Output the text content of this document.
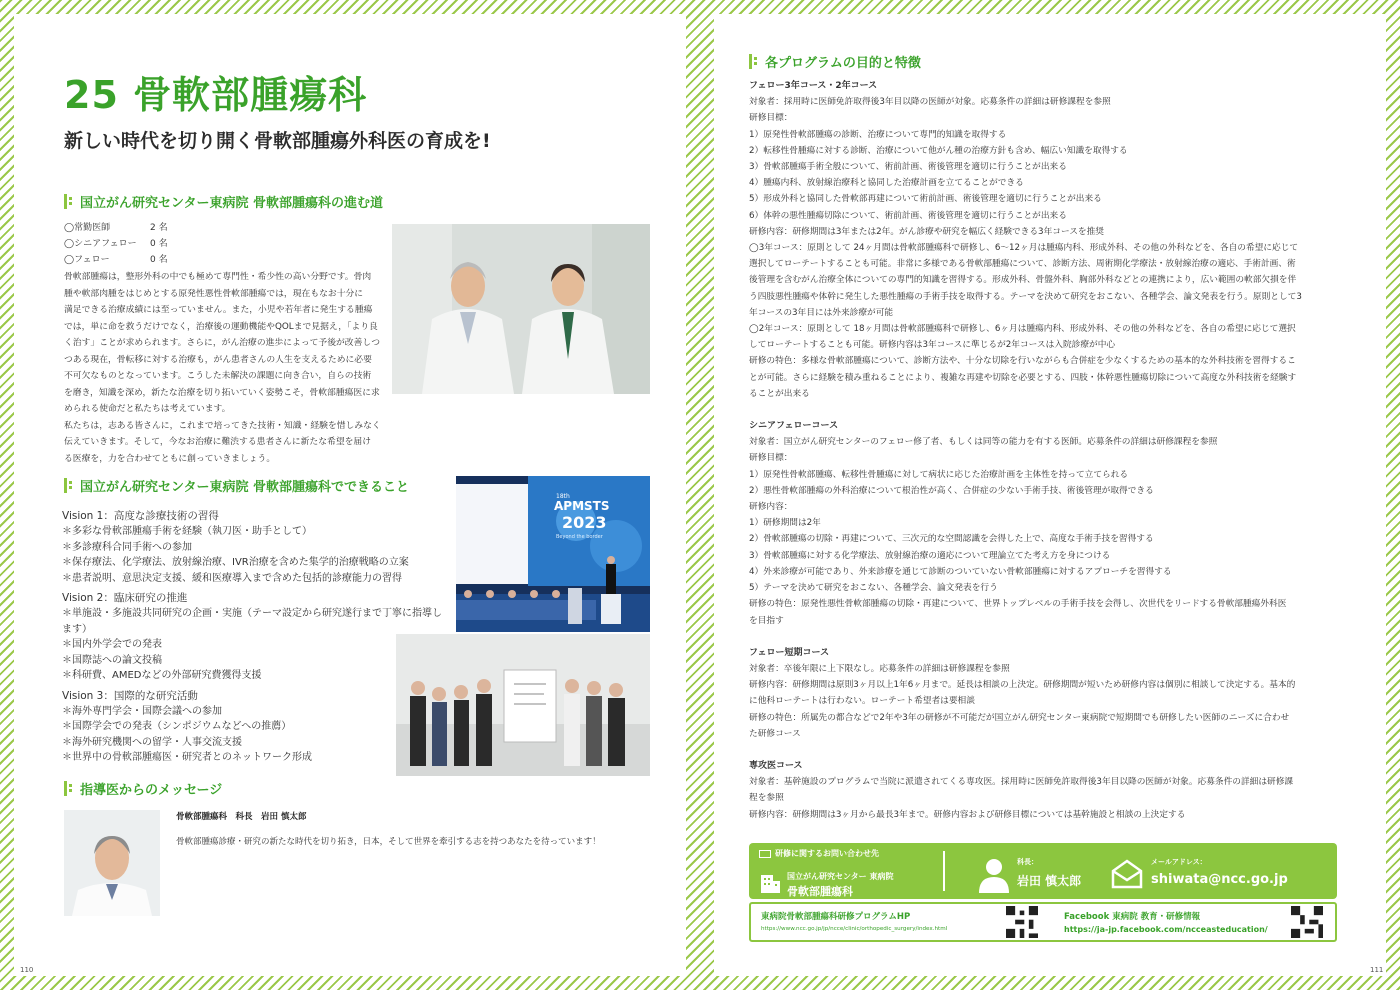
25 骨軟部腫瘍科
新しい時代を切り開く骨軟部腫瘍外科医の育成を!
国立がん研究センター東病院 骨軟部腫瘍科の進む道
◯常勤医師	2 名
◯シニアフェロー	0 名
◯フェロー	0 名
骨軟部腫瘍は，整形外科の中でも極めて専門性・希少性の高い分野です。骨肉
腫や軟部肉腫をはじめとする原発性悪性骨軟部腫瘍では，現在もなお十分に
満足できる治療成績には至っていません。また，小児や若年者に発生する腫瘍
では，単に命を救うだけでなく，治療後の運動機能やQOLまで見据え，「より良
く治す」ことが求められます。さらに，がん治療の進歩によって予後が改善しつ
つある現在，骨転移に対する治療も，がん患者さんの人生を支えるために必要
不可欠なものとなっています。こうした未解決の課題に向き合い，自らの技術
を磨き，知識を深め，新たな治療を切り拓いていく姿勢こそ，骨軟部腫瘍医に求
められる使命だと私たちは考えています。
私たちは，志ある皆さんに，これまで培ってきた技術・知識・経験を惜しみなく
伝えていきます。そして，今なお治療に難渋する患者さんに新たな希望を届け
る医療を，力を合わせてともに創っていきましょう。
国立がん研究センター東病院 骨軟部腫瘍科でできること
Vision 1：高度な診療技術の習得
＊多彩な骨軟部腫瘍手術を経験（執刀医・助手として）
＊多診療科合同手術への参加
＊保存療法、化学療法、放射線治療、IVR治療を含めた集学的治療戦略の立案
＊患者説明、意思決定支援、緩和医療導入まで含めた包括的診療能力の習得
Vision 2：臨床研究の推進
＊単施設・多施設共同研究の企画・実施（テーマ設定から研究遂行まで丁寧に指導します）
＊国内外学会での発表
＊国際誌への論文投稿
＊科研費、AMEDなどの外部研究費獲得支援
Vision 3：国際的な研究活動
＊海外専門学会・国際会議への参加
＊国際学会での発表（シンポジウムなどへの推薦）
＊海外研究機関への留学・人事交流支援
＊世界中の骨軟部腫瘍医・研究者とのネットワーク形成
18th
APMSTS
2023
Beyond the border
指導医からのメッセージ
骨軟部腫瘍科　科長　岩田 慎太郎
骨軟部腫瘍診療・研究の新たな時代を切り拓き，日本，そして世界を牽引する志を持つあなたを待っています！
110
各プログラムの目的と特徴
フェロー3年コース・2年コース
対象者：採用時に医師免許取得後3年目以降の医師が対象。応募条件の詳細は研修課程を参照
研修目標：
1）原発性骨軟部腫瘍の診断、治療について専門的知識を取得する
2）転移性骨腫瘍に対する診断、治療について他がん種の治療方針も含め、幅広い知識を取得する
3）骨軟部腫瘍手術全般について、術前計画、術後管理を適切に行うことが出来る
4）腫瘍内科、放射線治療科と協同した治療計画を立てることができる
5）形成外科と協同した骨軟部再建について術前計画、術後管理を適切に行うことが出来る
6）体幹の悪性腫瘍切除について、術前計画、術後管理を適切に行うことが出来る
研修内容：研修期間は3年または2年。がん診療や研究を幅広く経験できる3年コースを推奨
◯3年コース：原則として 24ヶ月間は骨軟部腫瘍科で研修し、6〜12ヶ月は腫瘍内科、形成外科、その他の外科などを、各自の希望に応じて
選択してローテートすることも可能。非常に多様である骨軟部腫瘍について、診断方法、周術期化学療法・放射線治療の適応、手術計画、術
後管理を含むがん治療全体についての専門的知識を習得する。形成外科、骨盤外科、胸部外科などとの連携により，広い範囲の軟部欠損を伴
う四肢悪性腫瘍や体幹に発生した悪性腫瘍の手術手技を取得する。テーマを決めて研究をおこない、各種学会、論文発表を行う。原則として3
年コースの3年目には外来診療が可能
◯2年コース：原則として 18ヶ月間は骨軟部腫瘍科で研修し、6ヶ月は腫瘍内科、形成外科、その他の外科などを、各自の希望に応じて選択
してローテートすることも可能。研修内容は3年コースに準じるが2年コースは入院診療が中心
研修の特色：多様な骨軟部腫瘍について、診断方法や、十分な切除を行いながらも合併症を少なくするための基本的な外科技術を習得するこ
とが可能。さらに経験を積み重ねることにより、複雑な再建や切除を必要とする、四肢・体幹悪性腫瘍切除について高度な外科技術を経験す
ることが出来る
シニアフェローコース
対象者：国立がん研究センターのフェロー修了者、もしくは同等の能力を有する医師。応募条件の詳細は研修課程を参照
研修目標：
1）原発性骨軟部腫瘍、転移性骨腫瘍に対して病状に応じた治療計画を主体性を持って立てられる
2）悪性骨軟部腫瘍の外科治療について根治性が高く、合併症の少ない手術手技、術後管理が取得できる
研修内容：
1）研修期間は2年
2）骨軟部腫瘍の切除・再建について、三次元的な空間認識を会得した上で、高度な手術手技を習得する
3）骨軟部腫瘍に対する化学療法、放射線治療の適応について理論立てた考え方を身につける
4）外来診療が可能であり、外来診療を通じて診断のついていない骨軟部腫瘍に対するアプローチを習得する
5）テーマを決めて研究をおこない、各種学会、論文発表を行う
研修の特色：原発性悪性骨軟部腫瘍の切除・再建について、世界トップレベルの手術手技を会得し、次世代をリードする骨軟部腫瘍外科医
を目指す
フェロー短期コース
対象者：卒後年限に上下限なし。応募条件の詳細は研修課程を参照
研修内容：研修期間は原則3ヶ月以上1年6ヶ月まで。延長は相談の上決定。研修期間が短いため研修内容は個別に相談して決定する。基本的
に他科ローテートは行わない。ローテート希望者は要相談
研修の特色：所属先の都合などで2年や3年の研修が不可能だが国立がん研究センター東病院で短期間でも研修したい医師のニーズに合わせ
た研修コース
専攻医コース
対象者：基幹施設のプログラムで当院に派遣されてくる専攻医。採用時に医師免許取得後3年目以降の医師が対象。応募条件の詳細は研修課
程を参照
研修内容：研修期間は3ヶ月から最長3年まで。研修内容および研修目標については基幹施設と相談の上決定する
研修に関するお問い合わせ先
国立がん研究センター 東病院
骨軟部腫瘍科
科長：
岩田 慎太郎
メールアドレス：
shiwata@ncc.go.jp
東病院骨軟部腫瘍科研修プログラムHP
https://www.ncc.go.jp/jp/ncce/clinic/orthopedic_surgery/index.html
Facebook 東病院 教育・研修情報
https://ja-jp.facebook.com/ncceasteducation/
111
